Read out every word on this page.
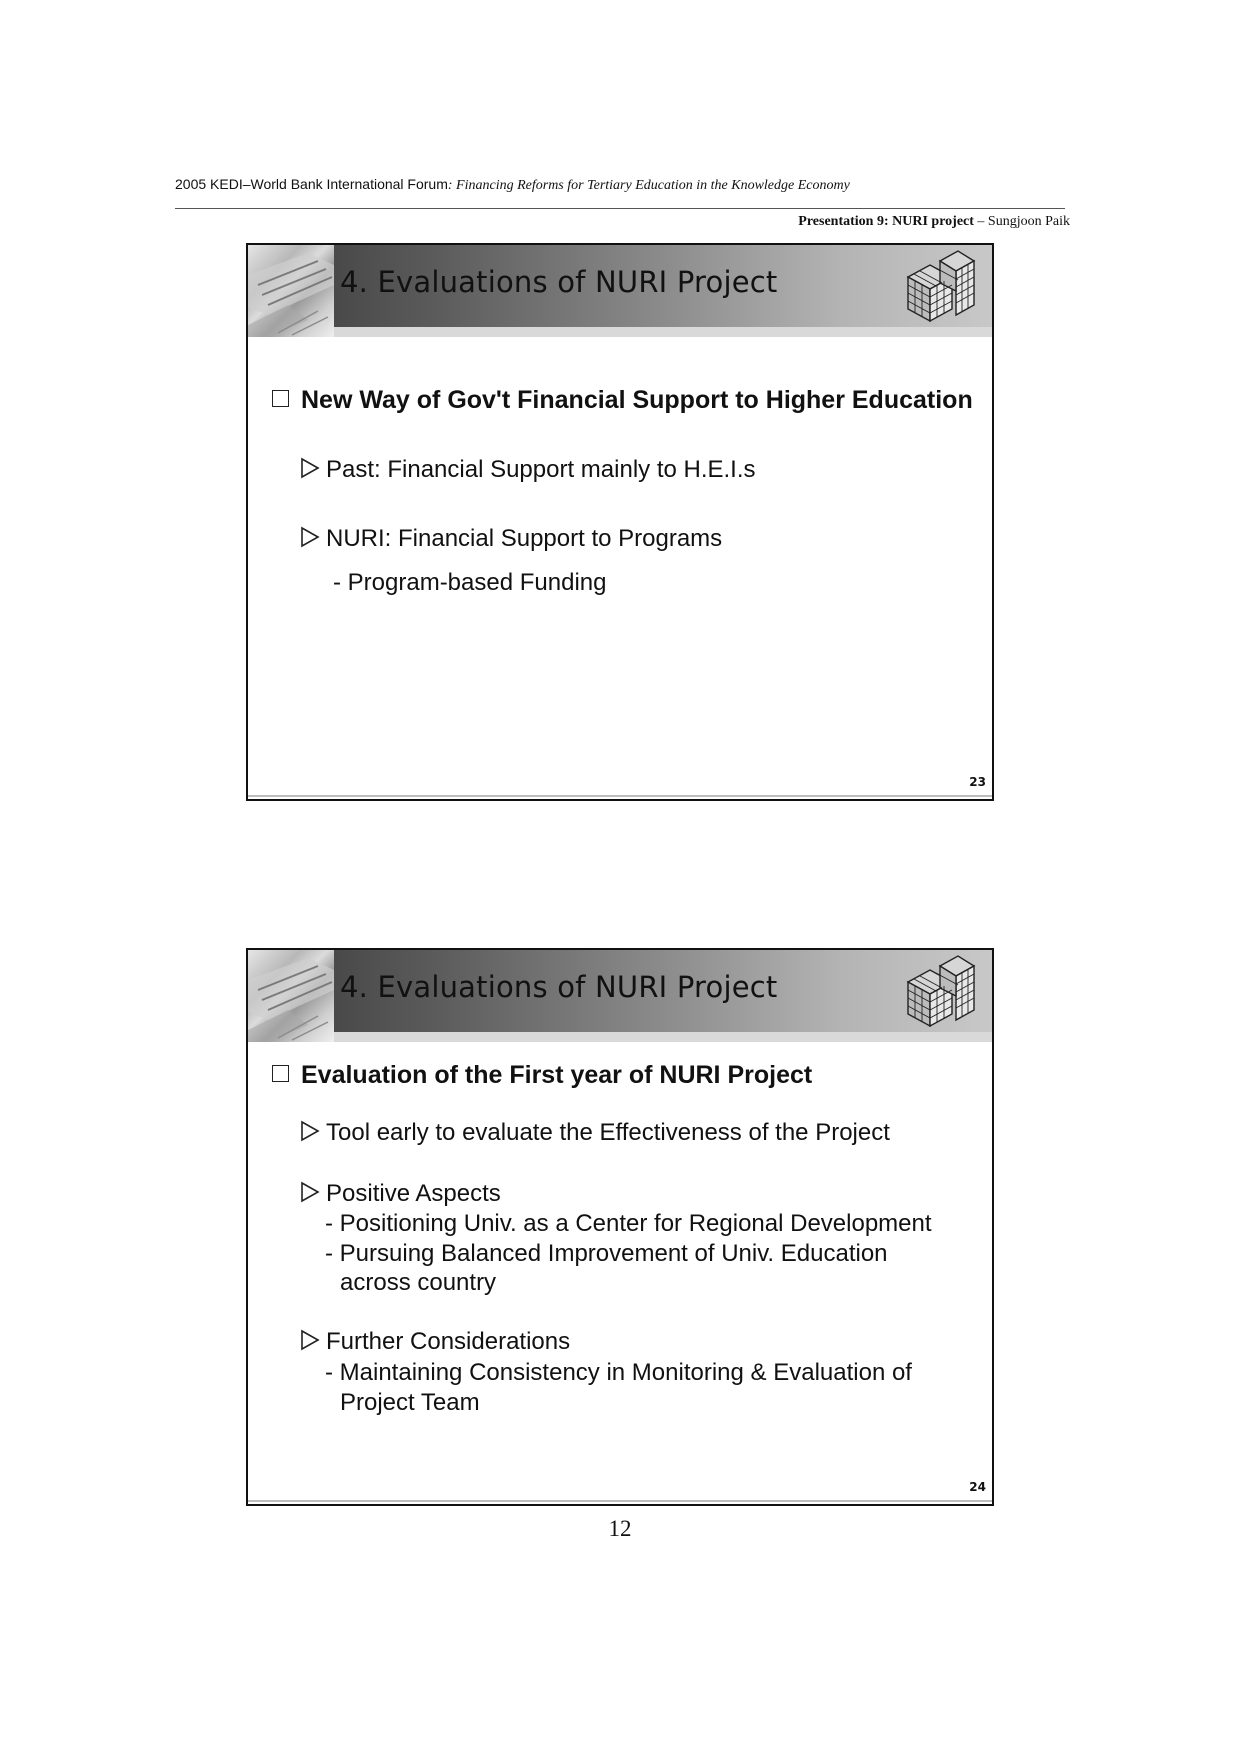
2005 KEDI–World Bank International Forum: Financing Reforms for Tertiary Education in the Knowledge Economy
Presentation 9: NURI project – Sungjoon Paik
4. Evaluations of NURI Project
New Way of Gov't Financial Support to Higher Education
Past: Financial Support mainly to H.E.I.s
NURI: Financial Support to Programs
- Program-based Funding
23
4. Evaluations of NURI Project
Evaluation of the First year of NURI Project
Tool early to evaluate the Effectiveness of the Project
Positive Aspects
- Positioning Univ. as a Center for Regional Development
- Pursuing Balanced Improvement of Univ. Education
across country
Further Considerations
- Maintaining Consistency in Monitoring & Evaluation of
Project Team
24
12
